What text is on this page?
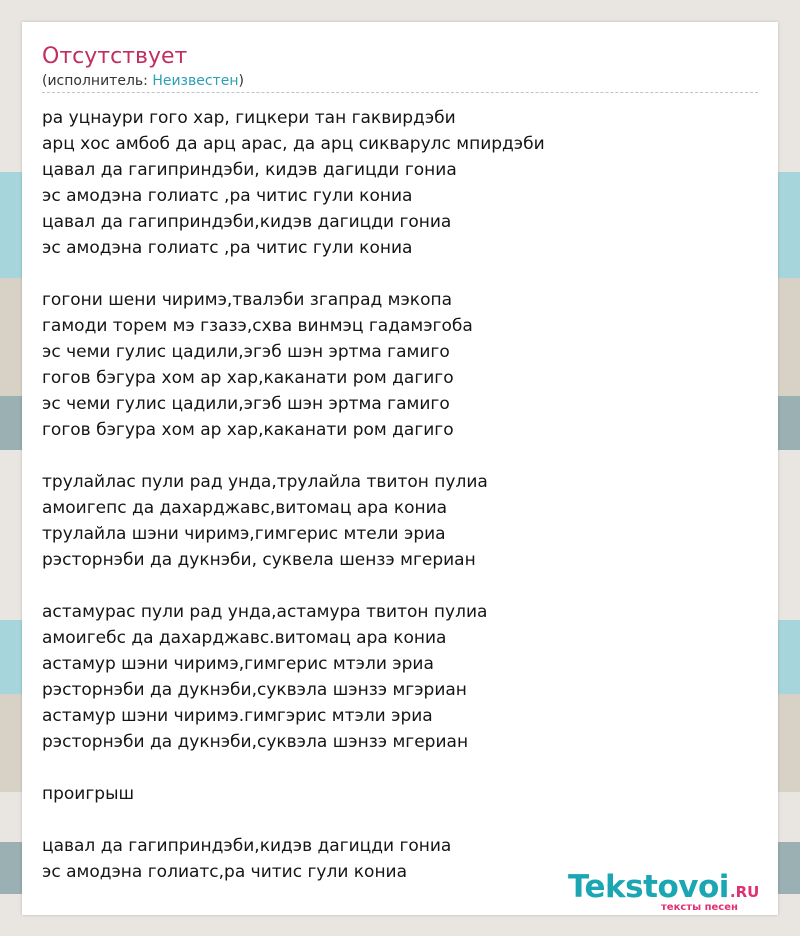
Отсутствует
(исполнитель: Неизвестен)
ра уцнаури гого хар, гицкери тан гаквирдэби
арц хос амбоб да арц арас, да арц сикварулс мпирдэби
цавал да гагиприндэби, кидэв дагицди гониа
эс амодэна голиатс ,ра читис гули кониа
цавал да гагиприндэби,кидэв дагицди гониа
эс амодэна голиатс ,ра читис гули кониа
гогони шени чиримэ,твалэби згапрад мэкопа
гамоди торем мэ гзазэ,схва винмэц гадамэгоба
эс чеми гулис цадили,эгэб шэн эртма гамиго
гогов бэгура хом ар хар,каканати ром дагиго
эс чеми гулис цадили,эгэб шэн эртма гамиго
гогов бэгура хом ар хар,каканати ром дагиго
трулайлас пули рад унда,трулайла твитон пулиа
амоигепс да дахарджавс,витомац ара кониа
трулайла шэни чиримэ,гимгерис мтели эриа
рэсторнэби да дукнэби, суквела шензэ мгериан
астамурас пули рад унда,астамура твитон пулиа
амоигебс да дахарджавс.витомац ара кониа
астамур шэни чиримэ,гимгерис мтэли эриа
рэсторнэби да дукнэби,суквэла шэнзэ мгэриан
астамур шэни чиримэ.гимгэрис мтэли эриа
рэсторнэби да дукнэби,суквэла шэнзэ мгериан
проигрыш
цавал да гагиприндэби,кидэв дагицди гониа
эс амодэна голиатс,ра читис гули кониа	Tekstovoi.RU
тексты песен
